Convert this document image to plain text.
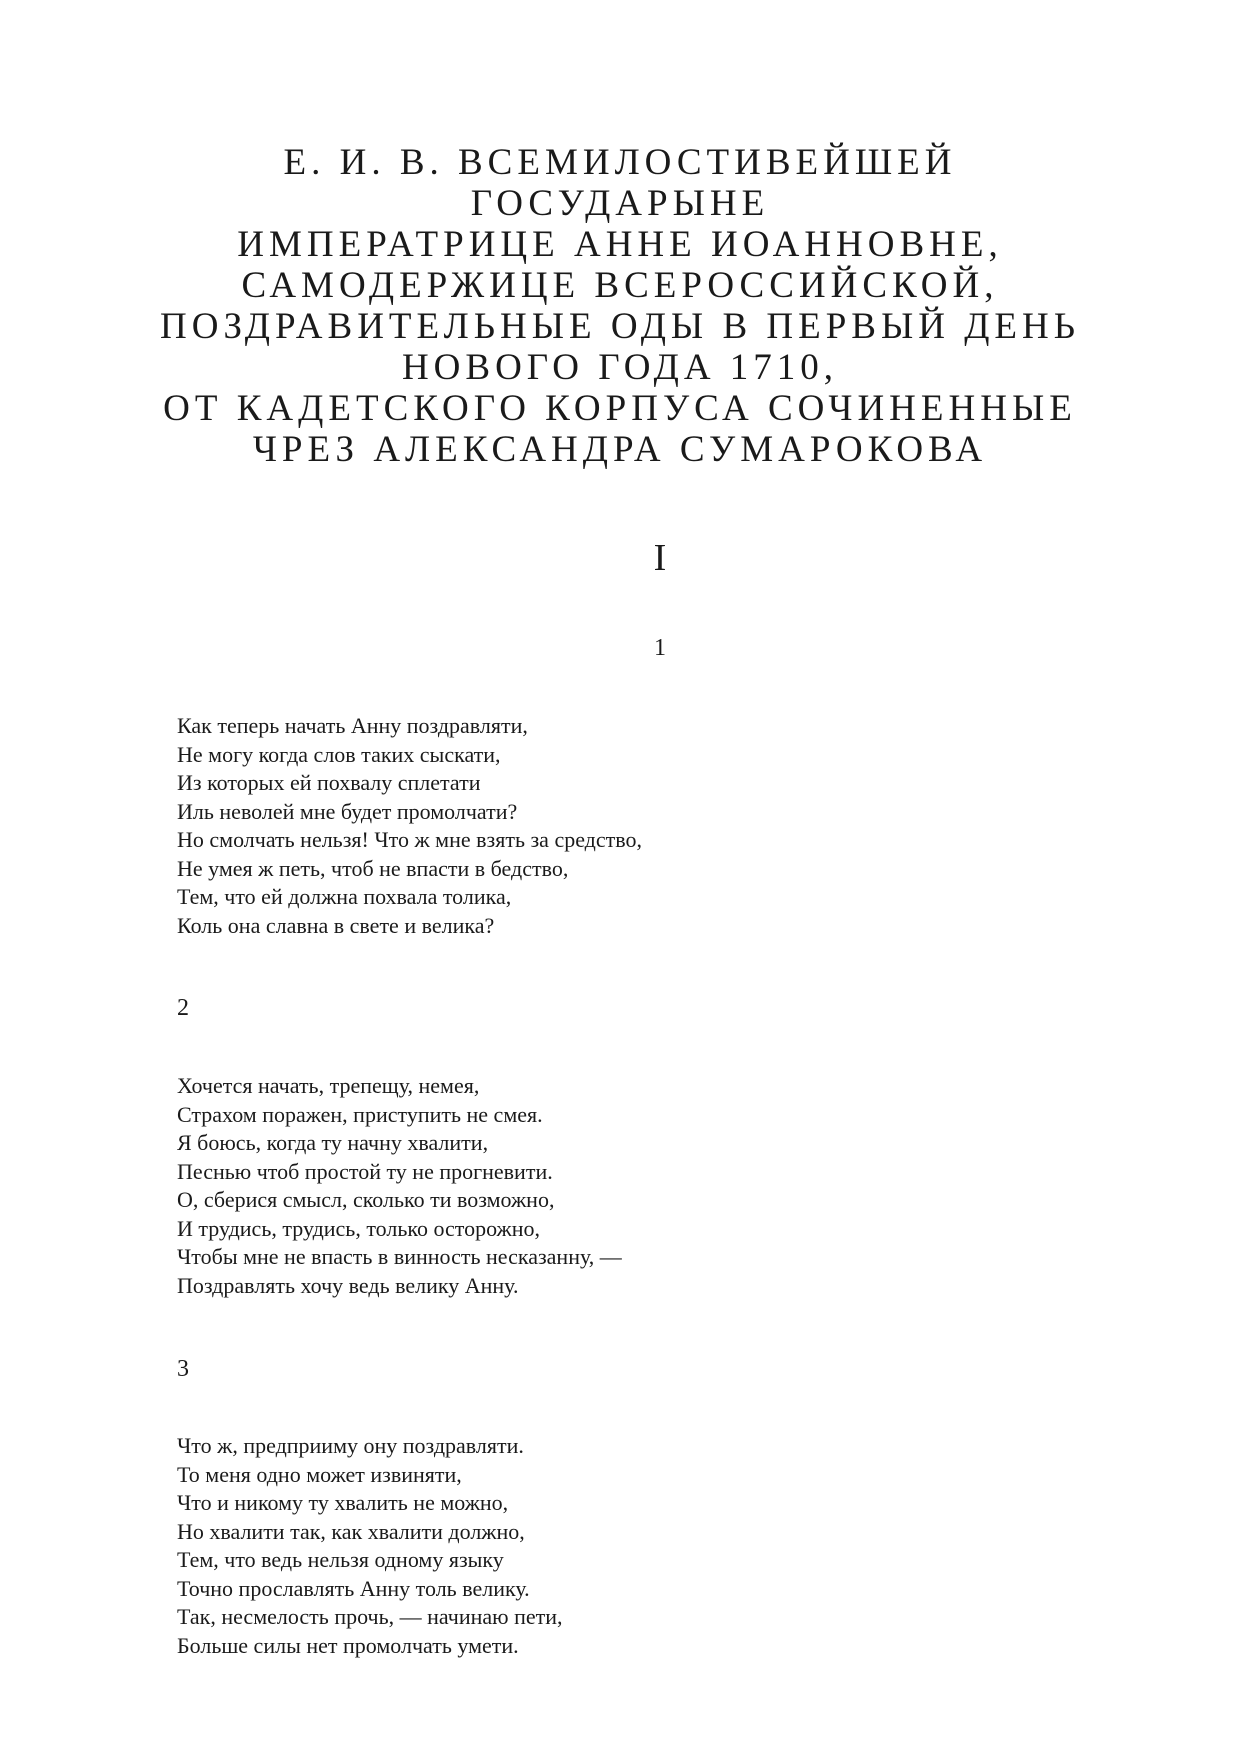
Е. И. В. ВСЕМИЛОСТИВЕЙШЕЙ
ГОСУДАРЫНЕ
ИМПЕРАТРИЦЕ АННЕ ИОАННОВНЕ,
САМОДЕРЖИЦЕ ВСЕРОССИЙСКОЙ,
ПОЗДРАВИТЕЛЬНЫЕ ОДЫ В ПЕРВЫЙ ДЕНЬ
НОВОГО ГОДА 1710,
ОТ КАДЕТСКОГО КОРПУСА СОЧИНЕННЫЕ
ЧРЕЗ АЛЕКСАНДРА СУМАРОКОВА
I
1
Как теперь начать Анну поздравляти,
Не могу когда слов таких сыскати,
Из которых ей похвалу сплетати
Иль неволей мне будет промолчати?
Но смолчать нельзя! Что ж мне взять за средство,
Не умея ж петь, чтоб не впасти в бедство,
Тем, что ей должна похвала толика,
Коль она славна в свете и велика?
2
Хочется начать, трепещу, немея,
Страхом поражен, приступить не смея.
Я боюсь, когда ту начну хвалити,
Песнью чтоб простой ту не прогневити.
О, сберися смысл, сколько ти возможно,
И трудись, трудись, только осторожно,
Чтобы мне не впасть в винность несказанну, —
Поздравлять хочу ведь велику Анну.
3
Что ж, предприиму ону поздравляти.
То меня одно может извиняти,
Что и никому ту хвалить не можно,
Но хвалити так, как хвалити должно,
Тем, что ведь нельзя одному языку
Точно прославлять Анну толь велику.
Так, несмелость прочь, — начинаю пети,
Больше силы нет промолчать умети.
